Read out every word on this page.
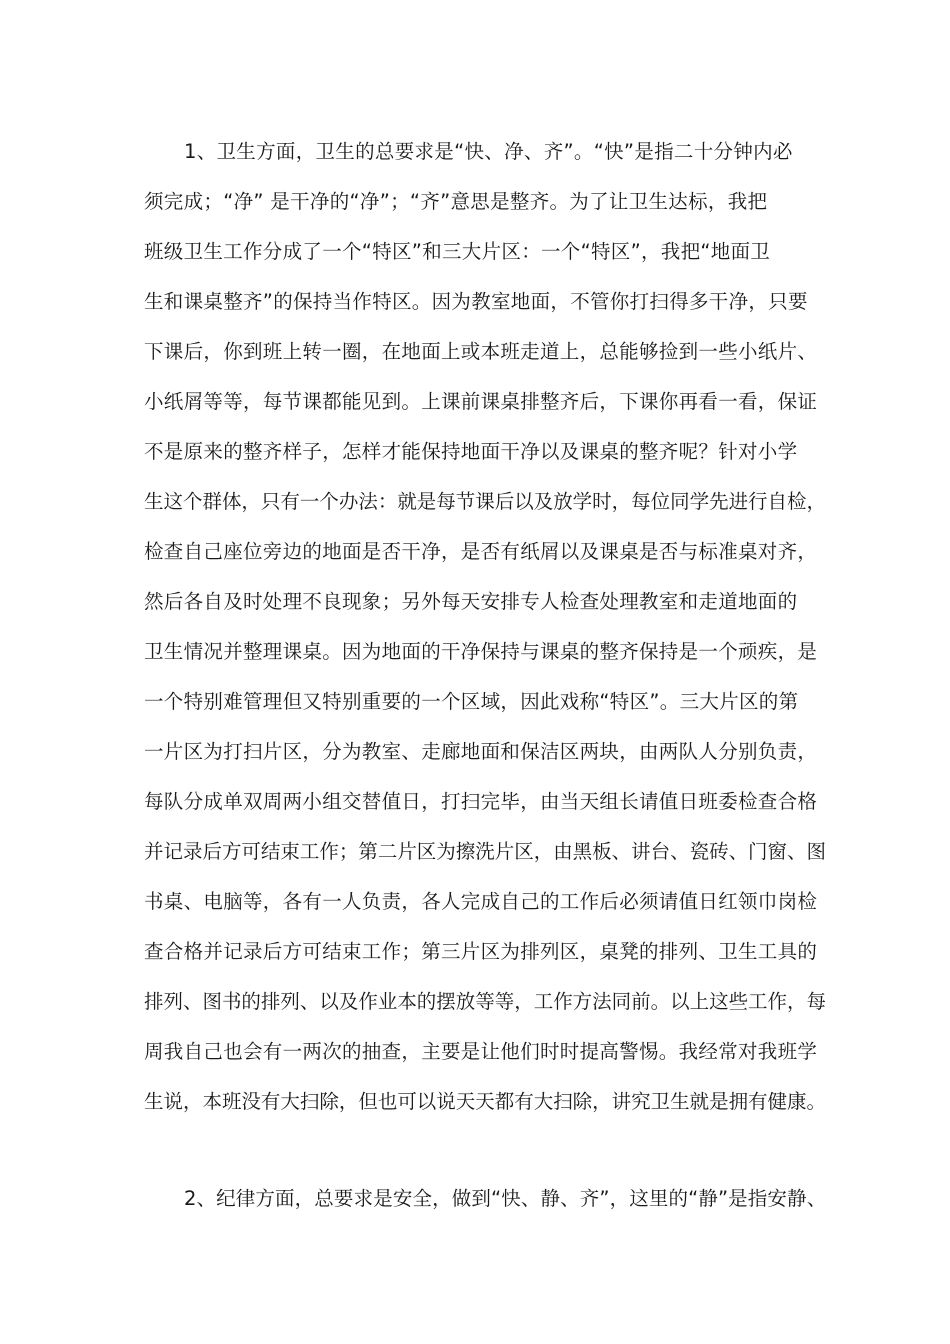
1、卫生方面，卫生的总要求是“快、净、齐”。“快”是指二十分钟内必
须完成；“净” 是干净的“净”；“齐”意思是整齐。为了让卫生达标，我把
班级卫生工作分成了一个“特区”和三大片区：一个“特区”，我把“地面卫
生和课桌整齐”的保持当作特区。因为教室地面，不管你打扫得多干净，只要
下课后，你到班上转一圈，在地面上或本班走道上，总能够捡到一些小纸片、
小纸屑等等，每节课都能见到。上课前课桌排整齐后，下课你再看一看，保证
不是原来的整齐样子，怎样才能保持地面干净以及课桌的整齐呢？针对小学
生这个群体，只有一个办法：就是每节课后以及放学时，每位同学先进行自检，
检查自己座位旁边的地面是否干净，是否有纸屑以及课桌是否与标准桌对齐，
然后各自及时处理不良现象；另外每天安排专人检查处理教室和走道地面的
卫生情况并整理课桌。因为地面的干净保持与课桌的整齐保持是一个顽疾，是
一个特别难管理但又特别重要的一个区域，因此戏称“特区”。三大片区的第
一片区为打扫片区，分为教室、走廊地面和保洁区两块，由两队人分别负责，
每队分成单双周两小组交替值日，打扫完毕，由当天组长请值日班委检查合格
并记录后方可结束工作；第二片区为擦洗片区，由黑板、讲台、瓷砖、门窗、图
书桌、电脑等，各有一人负责，各人完成自己的工作后必须请值日红领巾岗检
查合格并记录后方可结束工作；第三片区为排列区，桌凳的排列、卫生工具的
排列、图书的排列、以及作业本的摆放等等，工作方法同前。以上这些工作，每
周我自己也会有一两次的抽查，主要是让他们时时提高警惕。我经常对我班学
生说，本班没有大扫除，但也可以说天天都有大扫除，讲究卫生就是拥有健康。
2、纪律方面，总要求是安全，做到“快、静、齐”，这里的“静”是指安静、
